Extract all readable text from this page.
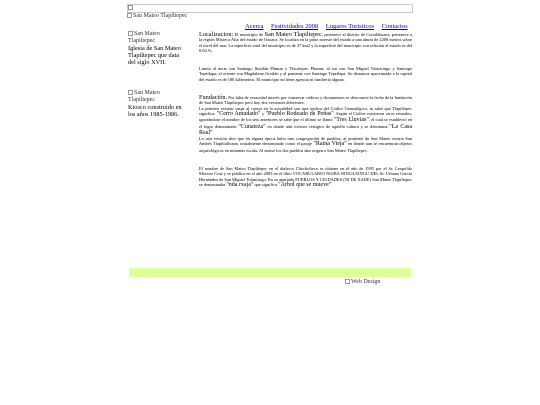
San Mateo Tlapiltepec
Acerca Festividades 2008 Lugares Turisticos Contactos
San Mateo Tlapiltepec
Iglesia de San Mateo Tlapiltepec que data del siglo XVII.
San Mateo Tlapiltepec
Kiosco construido en los años 1985-1986.

Localizacion: El municipio de San Mateo Tlapiltepec, pertenece al distrito de Coixtlahuaca, pertenece a la región Mixteca Alta del estado de Oaxaca. Se localiza en la parte noreste del estado a una altura de 2200 metros sobre el nivel del mar. La superficie total del municipio es de 37 km2 y la superficie del municipio con relación al estado es del 0.04 %.

Limita al norte con Santiago Ihuitlán Plumas y Tlacotepec Plumas; al sur con San Miguel Tulancingo y Santiago Tepetlapa; al oriente con Magdalena Jicotlán y al poniente con Santiago Tepetlapa. Su distancia aproximada a la capital del estado es de 180 kilómetros. El municipio no tiene agencia ni ranchería alguna.

Fundación. Por falta de veracidad interés por conservar códices y documentos se desconoce la fecha de la fundación de San Mateo Tlapiltepec pero hay dos versiones diferentes.
La primera versión surge al contar en la actualidad con una replica del Códice Genealógico, se sabe que Tlapiltepec significa: "Cerro Amudado" y "Pueblo Rodeado de Peñas". Según el Códice existieron otros reinados, ignorándose el nombre de los seis anteriores se sabe que el último se llamó "Tres Lluvias", el cual se estableció en el lugar denominado "Cunateza" en donde aún existen vestigios de aquella cultura y se denomina "La Casa Real".
La otra versión dice que en alguna época hubo una congregación de pueblos, al poniente de San Mateo existía San Andrés Tlapiltallcatzu actualmente denominado como el paraje "Raina Vieja" en donde aun se encuentran objetos arqueológicos en mínimas escala. Al unirse los dos pueblos dan origen a San Mateo Tlapiltepec.

El nombre de San Mateo Tlapiltepec en el dialecto Chocholteco se obtiene en el año de 1995 por el Sr. Leopoldo Moreno Cruz y se publica en el año 2003 en el libro VOCABULARIO NGIBA NINGAXINGU DEL Sr. Urbano García Hernández de San Miguel Tulancingo. En su apartado PUEBLOS Y CIUDADES (NI DE XADE) San Mateo Tlapiltepec se denominaba "nda rxaja" que significa "Arbol que se mueve".

Web Design
